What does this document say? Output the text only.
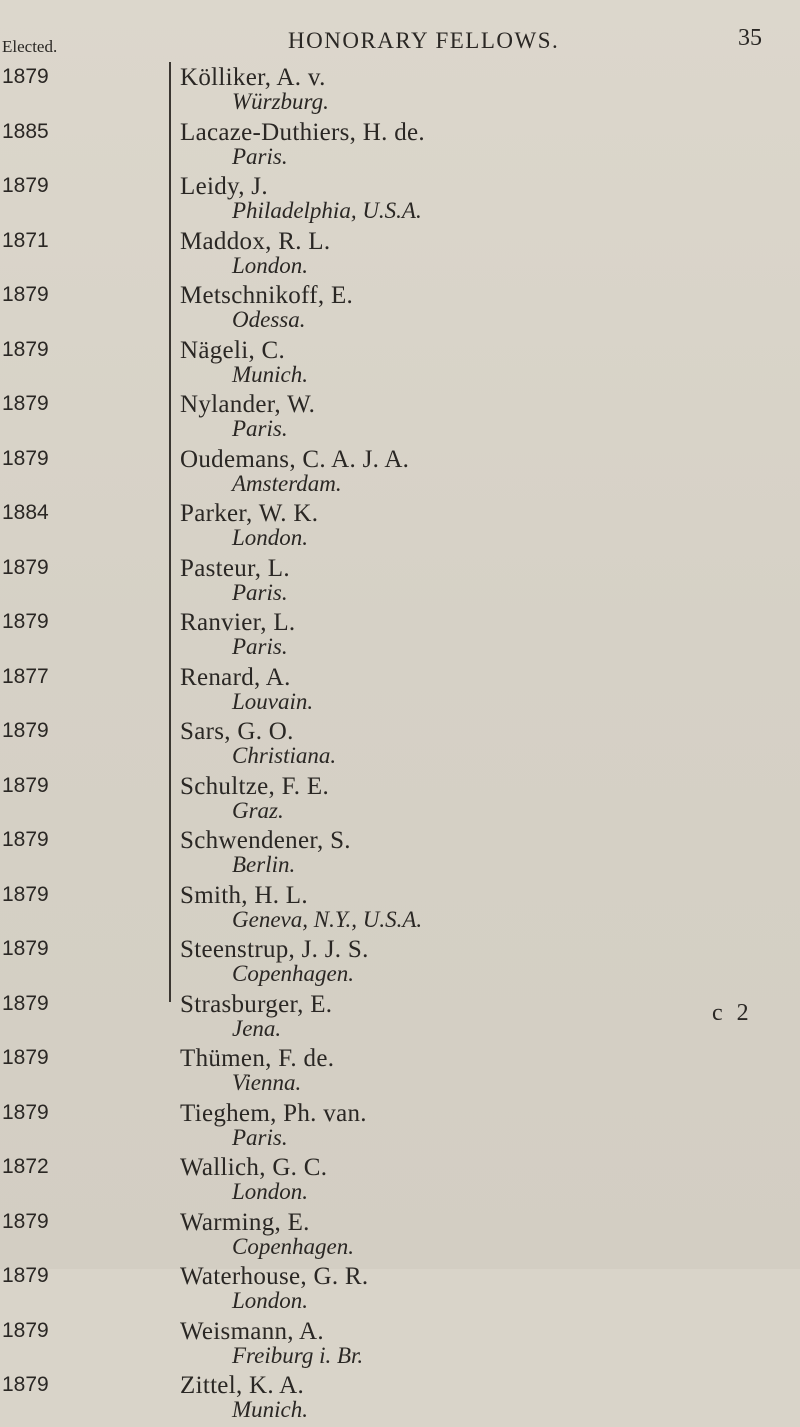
HONORARY FELLOWS.	35
Elected.
1879	Kölliker, A. v.
Würzburg.
1885	Lacaze-Duthiers, H. de.
Paris.
1879	Leidy, J.
Philadelphia, U.S.A.
1871	Maddox, R. L.
London.
1879	Metschnikoff, E.
Odessa.
1879	Nägeli, C.
Munich.
1879	Nylander, W.
Paris.
1879	Oudemans, C. A. J. A.
Amsterdam.
1884	Parker, W. K.
London.
1879	Pasteur, L.
Paris.
1879	Ranvier, L.
Paris.
1877	Renard, A.
Louvain.
1879	Sars, G. O.
Christiana.
1879	Schultze, F. E.
Graz.
1879	Schwendener, S.
Berlin.
1879	Smith, H. L.
Geneva, N.Y., U.S.A.
1879	Steenstrup, J. J. S.
Copenhagen.
1879	Strasburger, E.
Jena.
1879	Thümen, F. de.
Vienna.
1879	Tieghem, Ph. van.
Paris.
1872	Wallich, G. C.
London.
1879	Warming, E.
Copenhagen.
1879	Waterhouse, G. R.
London.
1879	Weismann, A.
Freiburg i. Br.
1879	Zittel, K. A.
Munich.
c 2
